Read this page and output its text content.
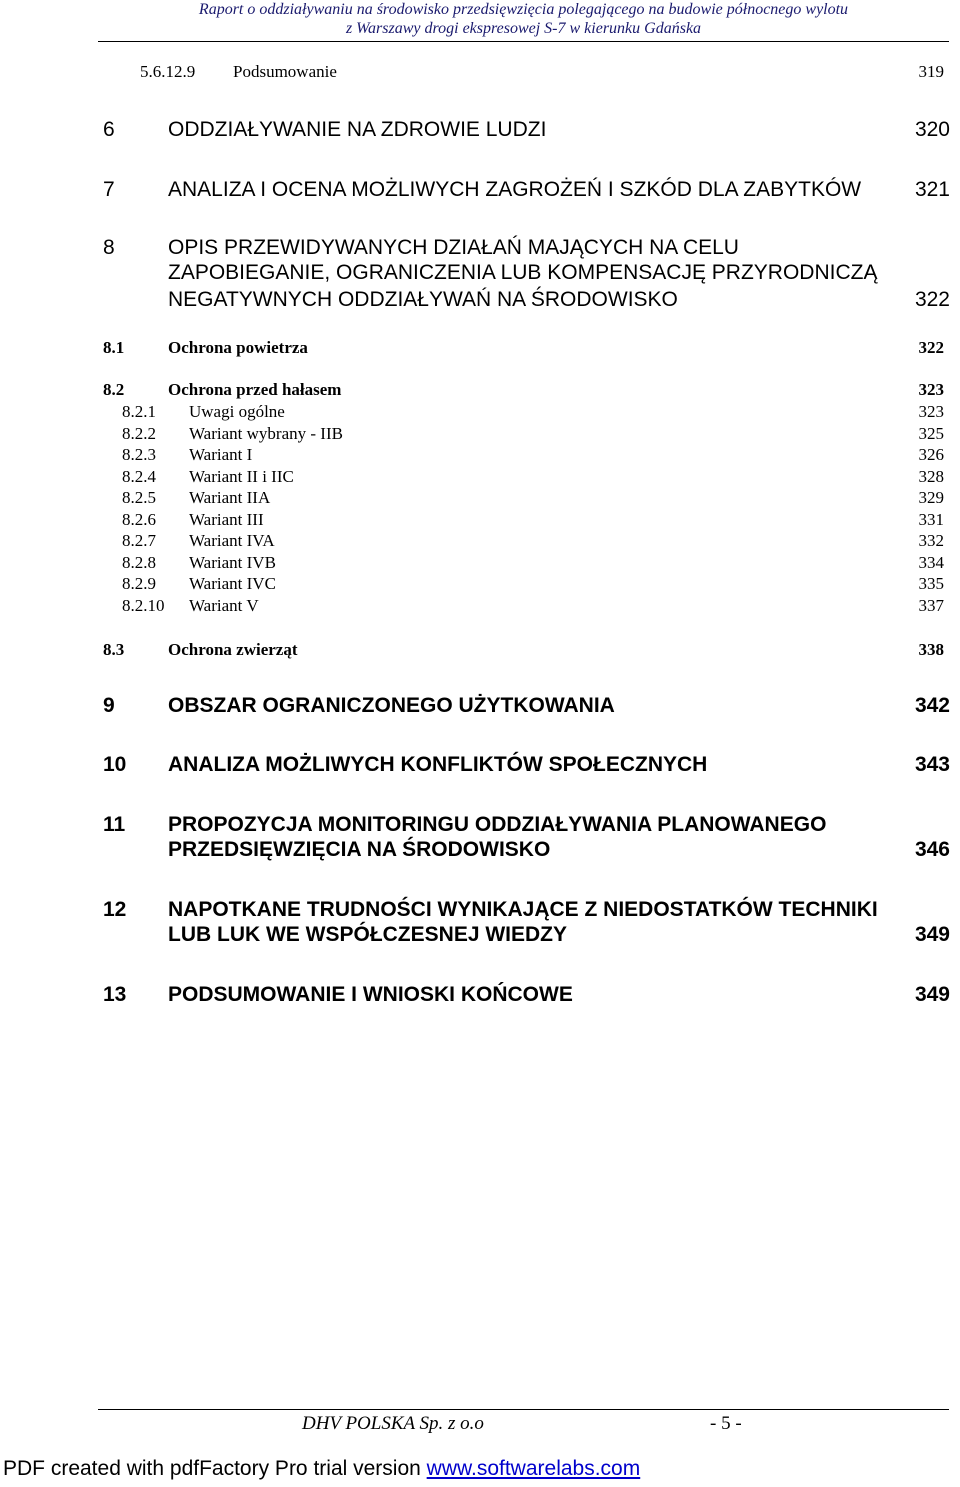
Raport o oddziaływaniu na środowisko przedsięwzięcia polegającego na budowie północnego wylotu
z Warszawy drogi ekspresowej S-7 w kierunku Gdańska
5.6.12.9 Podsumowanie	319
6	ODDZIAŁYWANIE NA ZDROWIE LUDZI	320
7	ANALIZA I OCENA MOŻLIWYCH ZAGROŻEŃ I SZKÓD DLA ZABYTKÓW	321
8	OPIS PRZEWIDYWANYCH DZIAŁAŃ MAJĄCYCH NA CELU
ZAPOBIEGANIE, OGRANICZENIA LUB KOMPENSACJĘ PRZYRODNICZĄ
NEGATYWNYCH ODDZIAŁYWAŃ NA ŚRODOWISKO	322
8.1	Ochrona powietrza	322
8.2	Ochrona przed hałasem	323
8.2.1 Uwagi ogólne	323
8.2.2 Wariant wybrany - IIB	325
8.2.3 Wariant I	326
8.2.4 Wariant II i IIC	328
8.2.5 Wariant IIA	329
8.2.6 Wariant III	331
8.2.7 Wariant IVA	332
8.2.8 Wariant IVB	334
8.2.9 Wariant IVC	335
8.2.10 Wariant V	337
8.3	Ochrona zwierząt	338
9	OBSZAR OGRANICZONEGO UŻYTKOWANIA	342
10 ANALIZA MOŻLIWYCH KONFLIKTÓW SPOŁECZNYCH	343
11 PROPOZYCJA MONITORINGU ODDZIAŁYWANIA PLANOWANEGO
PRZEDSIĘWZIĘCIA NA ŚRODOWISKO	346
12 NAPOTKANE TRUDNOŚCI WYNIKAJĄCE Z NIEDOSTATKÓW TECHNIKI
LUB LUK WE WSPÓŁCZESNEJ WIEDZY	349
13 PODSUMOWANIE I WNIOSKI KOŃCOWE	349
DHV POLSKA Sp. z o.o	- 5 -
PDF created with pdfFactory Pro trial version www.softwarelabs.com
